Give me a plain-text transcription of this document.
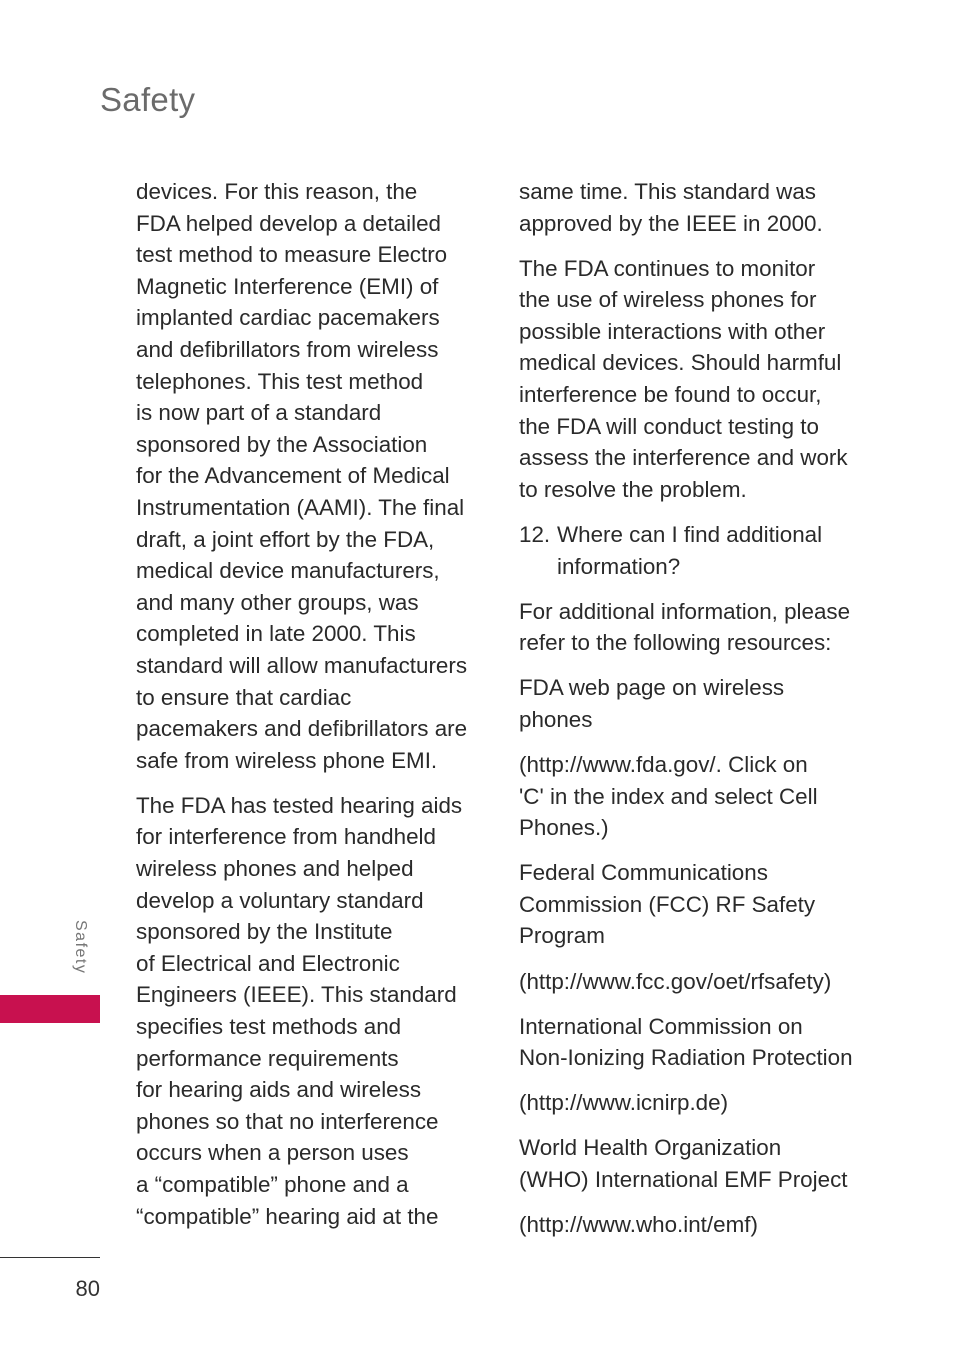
Safety

devices. For this reason, the
FDA helped develop a detailed
test method to measure Electro
Magnetic Interference (EMI) of
implanted cardiac pacemakers
and defibrillators from wireless
telephones. This test method
is now part of a standard
sponsored by the Association
for the Advancement of Medical
Instrumentation (AAMI). The final
draft, a joint effort by the FDA,
medical device manufacturers,
and many other groups, was
completed in late 2000. This
standard will allow manufacturers
to ensure that cardiac
pacemakers and defibrillators are
safe from wireless phone EMI.

The FDA has tested hearing aids
for interference from handheld
wireless phones and helped
develop a voluntary standard
sponsored by the Institute
of Electrical and Electronic
Engineers (IEEE). This standard
specifies test methods and
performance requirements
for hearing aids and wireless
phones so that no interference
occurs when a person uses
a “compatible” phone and a
“compatible” hearing aid at the

same time. This standard was
approved by the IEEE in 2000.

The FDA continues to monitor
the use of wireless phones for
possible interactions with other
medical devices. Should harmful
interference be found to occur,
the FDA will conduct testing to
assess the interference and work
to resolve the problem.

12. Where can I find additional information?

For additional information, please
refer to the following resources:

FDA web page on wireless
phones

(http://www.fda.gov/. Click on
'C' in the index and select Cell
Phones.)

Federal Communications
Commission (FCC) RF Safety
Program

(http://www.fcc.gov/oet/rfsafety)

International Commission on
Non-Ionizing Radiation Protection

(http://www.icnirp.de)

World Health Organization
(WHO) International EMF Project

(http://www.who.int/emf)

Safety
80
